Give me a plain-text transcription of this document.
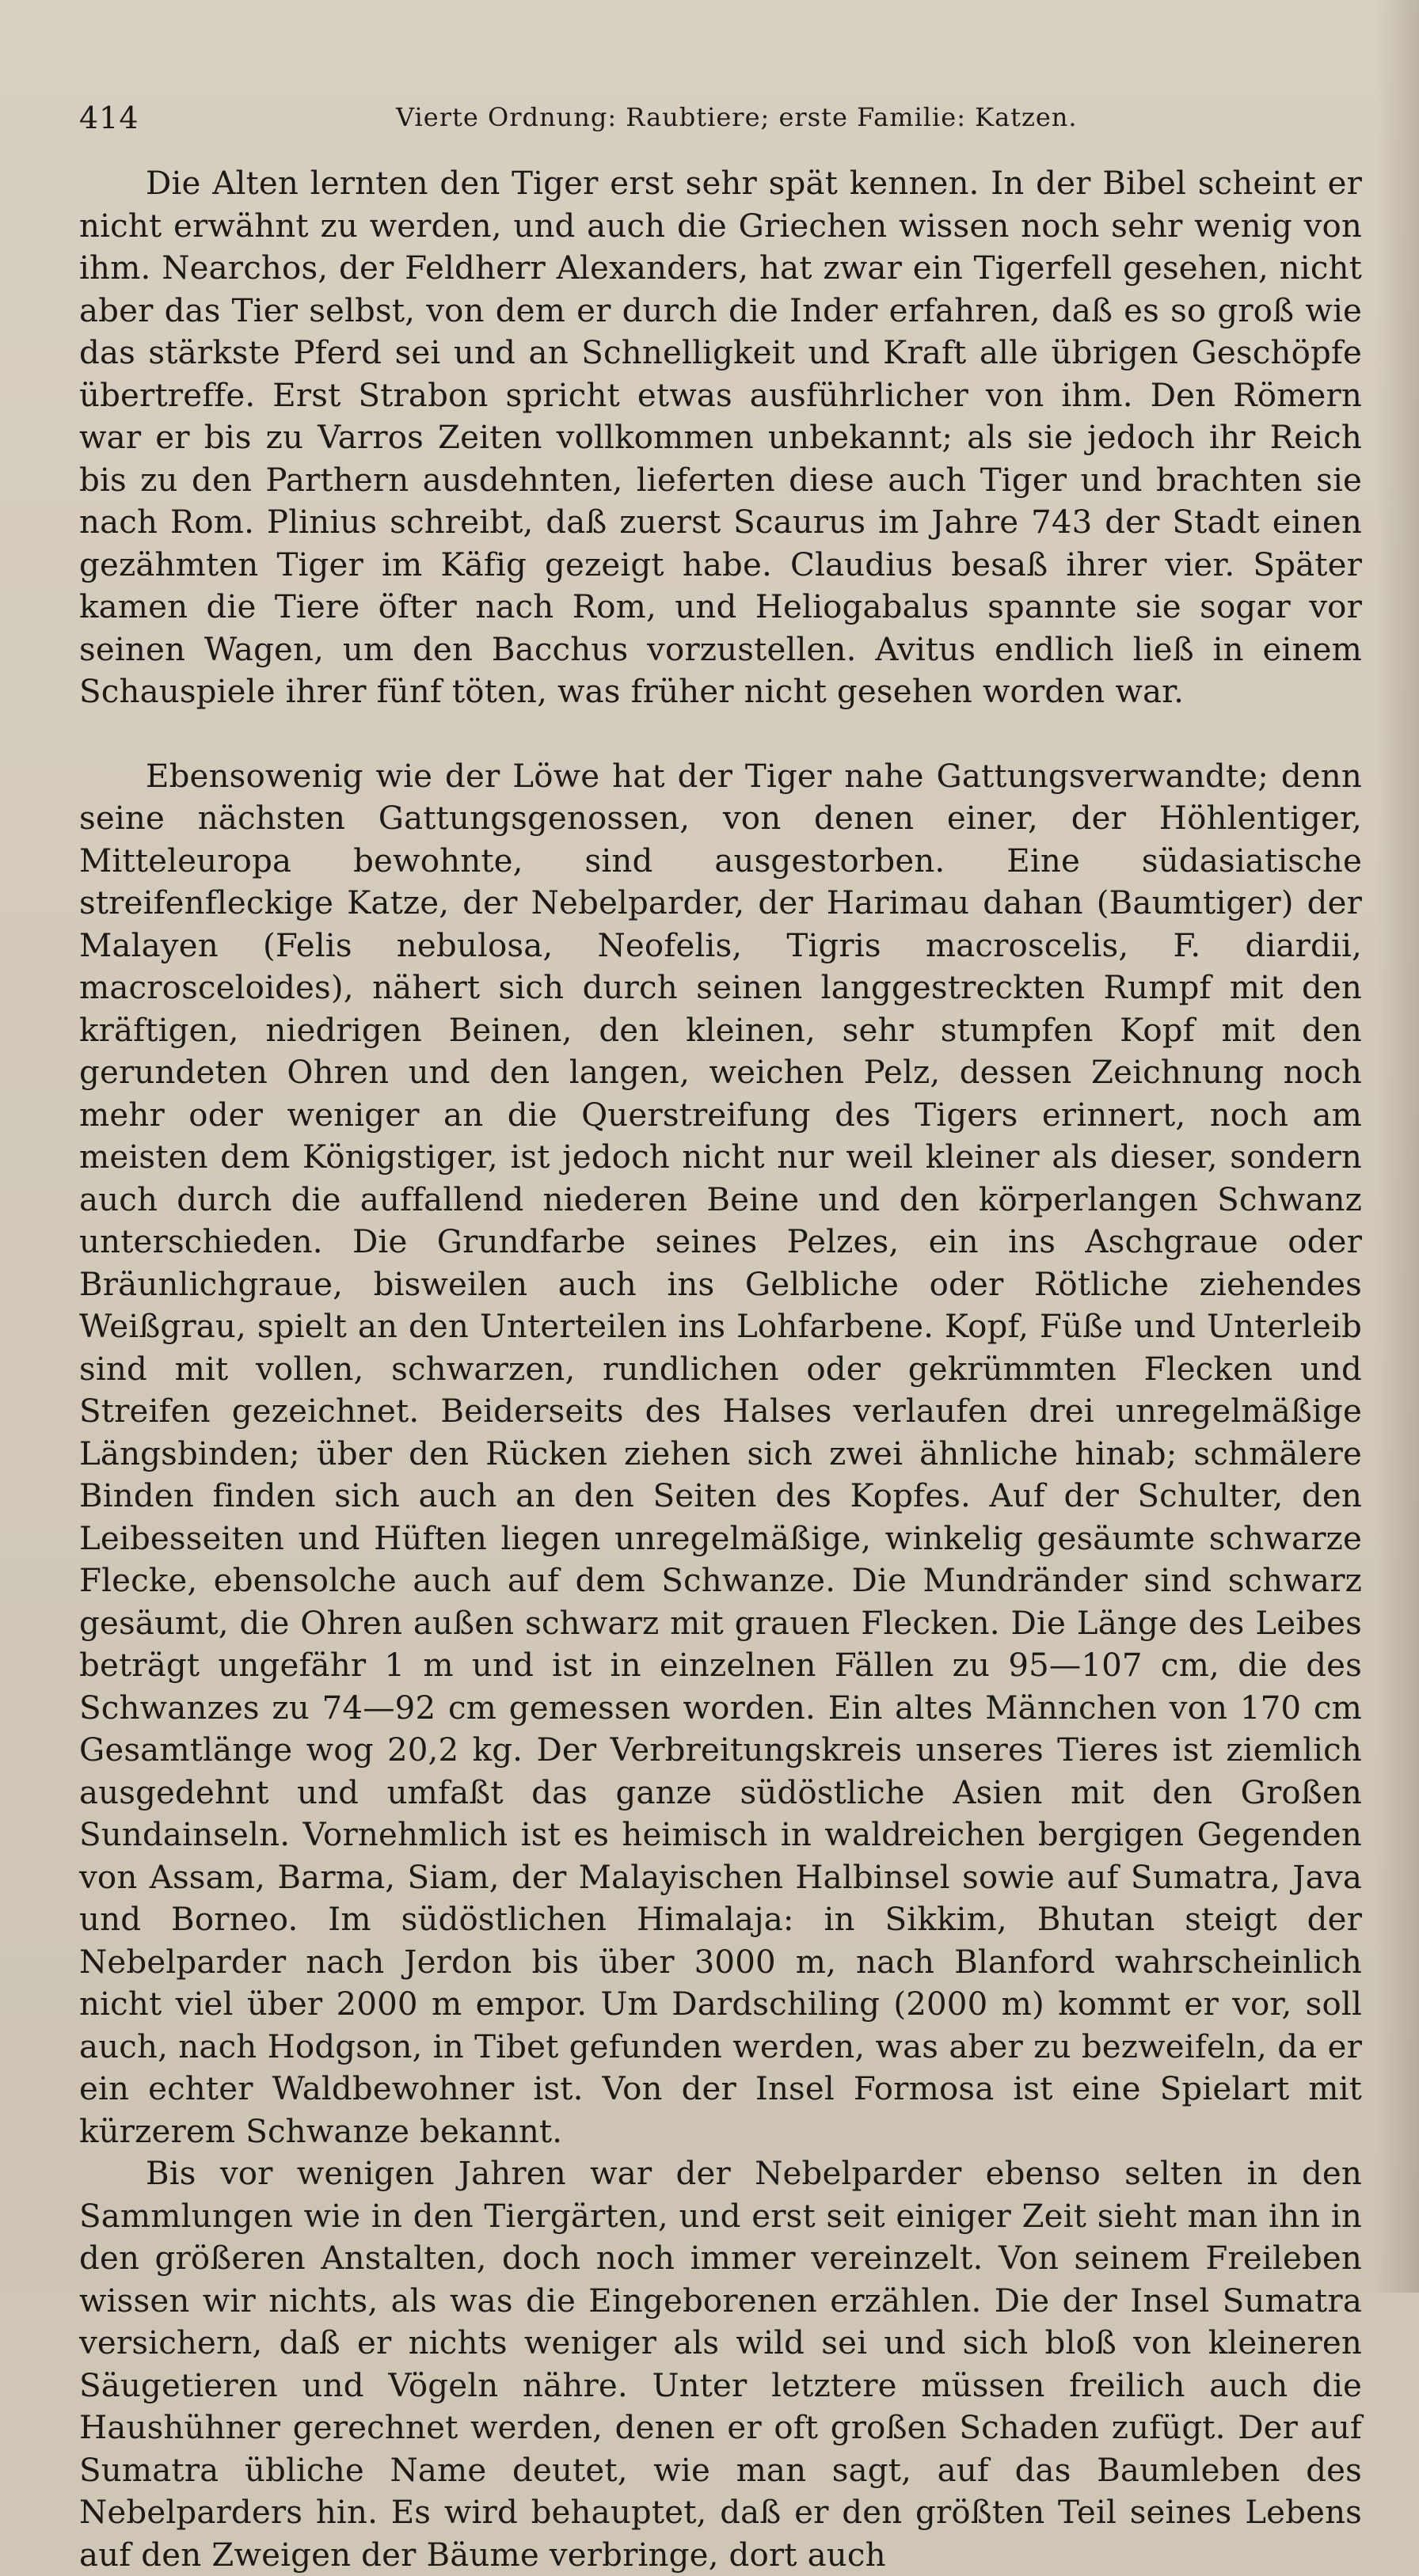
414	Vierte Ordnung: Raubtiere; erste Familie: Katzen.

Die Alten lernten den Tiger erst sehr spät kennen. In der Bibel scheint er nicht erwähnt zu werden, und auch die Griechen wissen noch sehr wenig von ihm. Nearchos, der Feldherr Alexanders, hat zwar ein Tigerfell gesehen, nicht aber das Tier selbst, von dem er durch die Inder erfahren, daß es so groß wie das stärkste Pferd sei und an Schnelligkeit und Kraft alle übrigen Geschöpfe übertreffe. Erst Strabon spricht etwas ausführlicher von ihm. Den Römern war er bis zu Varros Zeiten vollkommen unbekannt; als sie jedoch ihr Reich bis zu den Parthern ausdehnten, lieferten diese auch Tiger und brachten sie nach Rom. Plinius schreibt, daß zuerst Scaurus im Jahre 743 der Stadt einen gezähmten Tiger im Käfig gezeigt habe. Claudius besaß ihrer vier. Später kamen die Tiere öfter nach Rom, und Heliogabalus spannte sie sogar vor seinen Wagen, um den Bacchus vorzustellen. Avitus endlich ließ in einem Schauspiele ihrer fünf töten, was früher nicht gesehen worden war.

Ebensowenig wie der Löwe hat der Tiger nahe Gattungsverwandte; denn seine nächsten Gattungsgenossen, von denen einer, der Höhlentiger, Mitteleuropa bewohnte, sind ausgestorben. Eine südasiatische streifenfleckige Katze, der Nebelparder, der Harimau dahan (Baumtiger) der Malayen (Felis nebulosa, Neofelis, Tigris macroscelis, F. diardii, macrosceloides), nähert sich durch seinen langgestreckten Rumpf mit den kräftigen, niedrigen Beinen, den kleinen, sehr stumpfen Kopf mit den gerundeten Ohren und den langen, weichen Pelz, dessen Zeichnung noch mehr oder weniger an die Querstreifung des Tigers erinnert, noch am meisten dem Königstiger, ist jedoch nicht nur weil kleiner als dieser, sondern auch durch die auffallend niederen Beine und den körperlangen Schwanz unterschieden. Die Grundfarbe seines Pelzes, ein ins Aschgraue oder Bräunlichgraue, bisweilen auch ins Gelbliche oder Rötliche ziehendes Weißgrau, spielt an den Unterteilen ins Lohfarbene. Kopf, Füße und Unterleib sind mit vollen, schwarzen, rundlichen oder gekrümmten Flecken und Streifen gezeichnet. Beiderseits des Halses verlaufen drei unregelmäßige Längsbinden; über den Rücken ziehen sich zwei ähnliche hinab; schmälere Binden finden sich auch an den Seiten des Kopfes. Auf der Schulter, den Leibesseiten und Hüften liegen unregelmäßige, winkelig gesäumte schwarze Flecke, ebensolche auch auf dem Schwanze. Die Mundränder sind schwarz gesäumt, die Ohren außen schwarz mit grauen Flecken. Die Länge des Leibes beträgt ungefähr 1 m und ist in einzelnen Fällen zu 95—107 cm, die des Schwanzes zu 74—92 cm gemessen worden. Ein altes Männchen von 170 cm Gesamtlänge wog 20,2 kg. Der Verbreitungskreis unseres Tieres ist ziemlich ausgedehnt und umfaßt das ganze südöstliche Asien mit den Großen Sundainseln. Vornehmlich ist es heimisch in waldreichen bergigen Gegenden von Assam, Barma, Siam, der Malayischen Halbinsel sowie auf Sumatra, Java und Borneo. Im südöstlichen Himalaja: in Sikkim, Bhutan steigt der Nebelparder nach Jerdon bis über 3000 m, nach Blanford wahrscheinlich nicht viel über 2000 m empor. Um Dardschiling (2000 m) kommt er vor, soll auch, nach Hodgson, in Tibet gefunden werden, was aber zu bezweifeln, da er ein echter Waldbewohner ist. Von der Insel Formosa ist eine Spielart mit kürzerem Schwanze bekannt.

Bis vor wenigen Jahren war der Nebelparder ebenso selten in den Sammlungen wie in den Tiergärten, und erst seit einiger Zeit sieht man ihn in den größeren Anstalten, doch noch immer vereinzelt. Von seinem Freileben wissen wir nichts, als was die Eingeborenen erzählen. Die der Insel Sumatra versichern, daß er nichts weniger als wild sei und sich bloß von kleineren Säugetieren und Vögeln nähre. Unter letztere müssen freilich auch die Haushühner gerechnet werden, denen er oft großen Schaden zufügt. Der auf Sumatra übliche Name deutet, wie man sagt, auf das Baumleben des Nebelparders hin. Es wird behauptet, daß er den größten Teil seines Lebens auf den Zweigen der Bäume verbringe, dort auch
